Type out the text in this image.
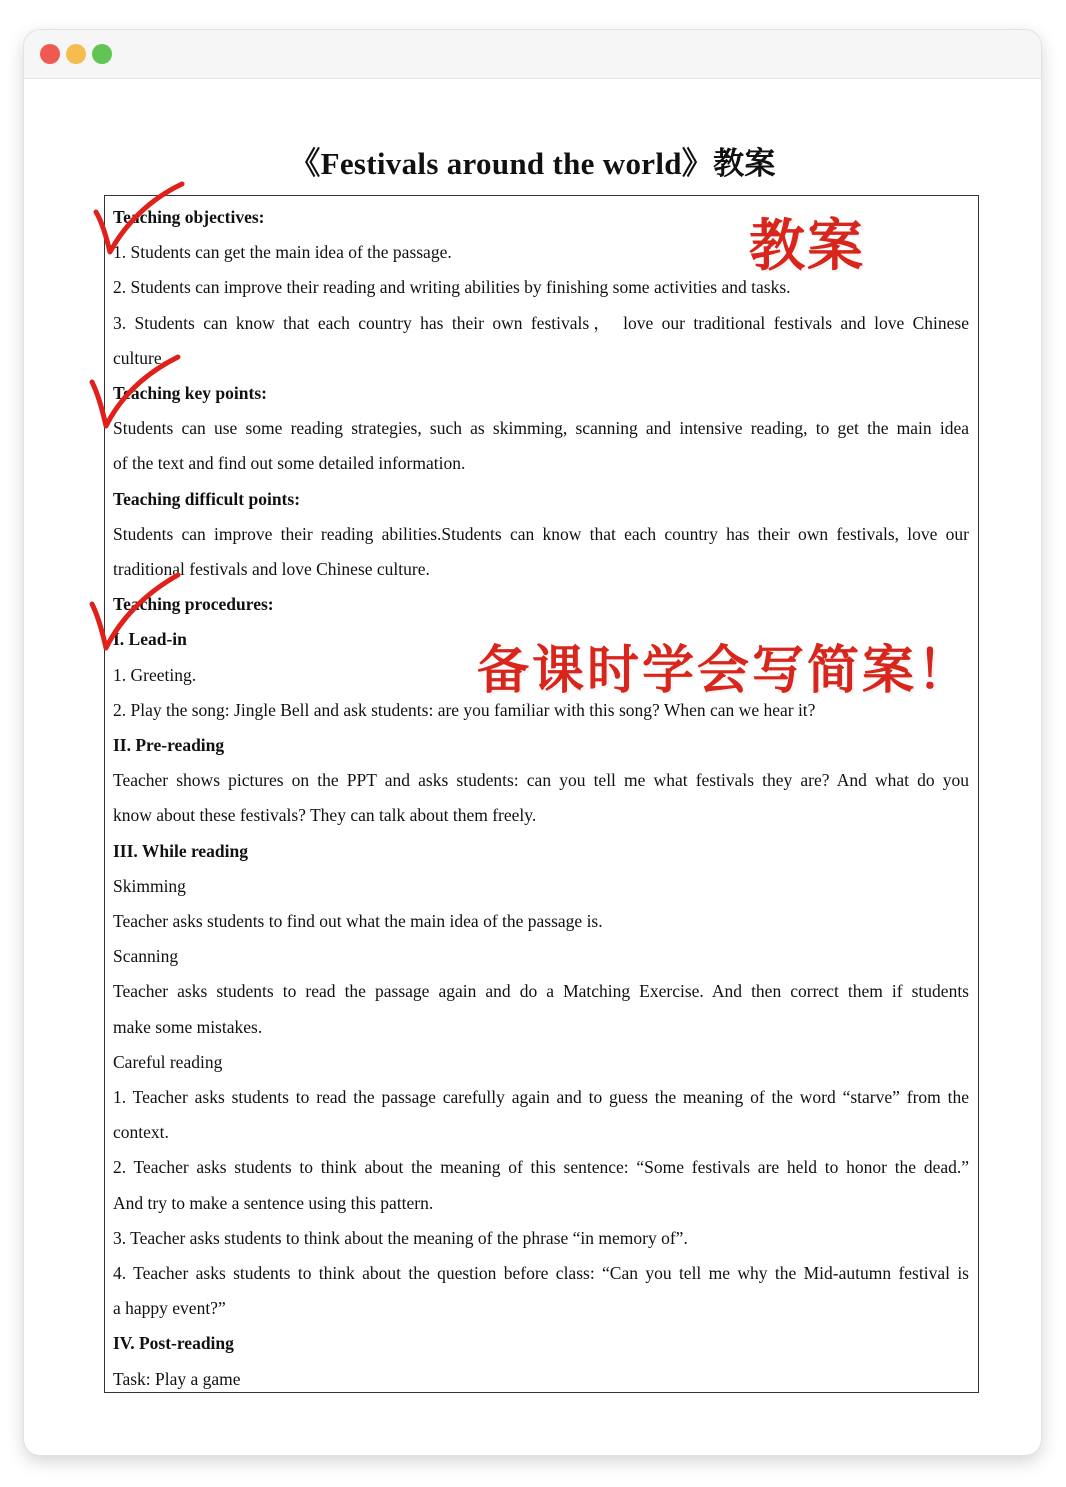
《Festivals around the world》教案
Teaching objectives:
1. Students can get the main idea of the passage.
2. Students can improve their reading and writing abilities by finishing some activities and tasks.
3. Students can know that each country has their own festivals， love our traditional festivals and love Chinese
culture.
Teaching key points:
Students can use some reading strategies, such as skimming, scanning and intensive reading, to get the main idea
of the text and find out some detailed information.
Teaching difficult points:
Students can improve their reading abilities.Students can know that each country has their own festivals, love our
traditional festivals and love Chinese culture.
Teaching procedures:
I. Lead-in
1. Greeting.
2. Play the song: Jingle Bell and ask students: are you familiar with this song? When can we hear it?
II. Pre-reading
Teacher shows pictures on the PPT and asks students: can you tell me what festivals they are? And what do you
know about these festivals? They can talk about them freely.
III. While reading
Skimming
Teacher asks students to find out what the main idea of the passage is.
Scanning
Teacher asks students to read the passage again and do a Matching Exercise. And then correct them if students
make some mistakes.
Careful reading
1. Teacher asks students to read the passage carefully again and to guess the meaning of the word “starve” from the
context.
2. Teacher asks students to think about the meaning of this sentence: “Some festivals are held to honor the dead.”
And try to make a sentence using this pattern.
3. Teacher asks students to think about the meaning of the phrase “in memory of”.
4. Teacher asks students to think about the question before class: “Can you tell me why the Mid-autumn festival is
a happy event?”
IV. Post-reading
Task: Play a game
教案
备课时学会写简案！
